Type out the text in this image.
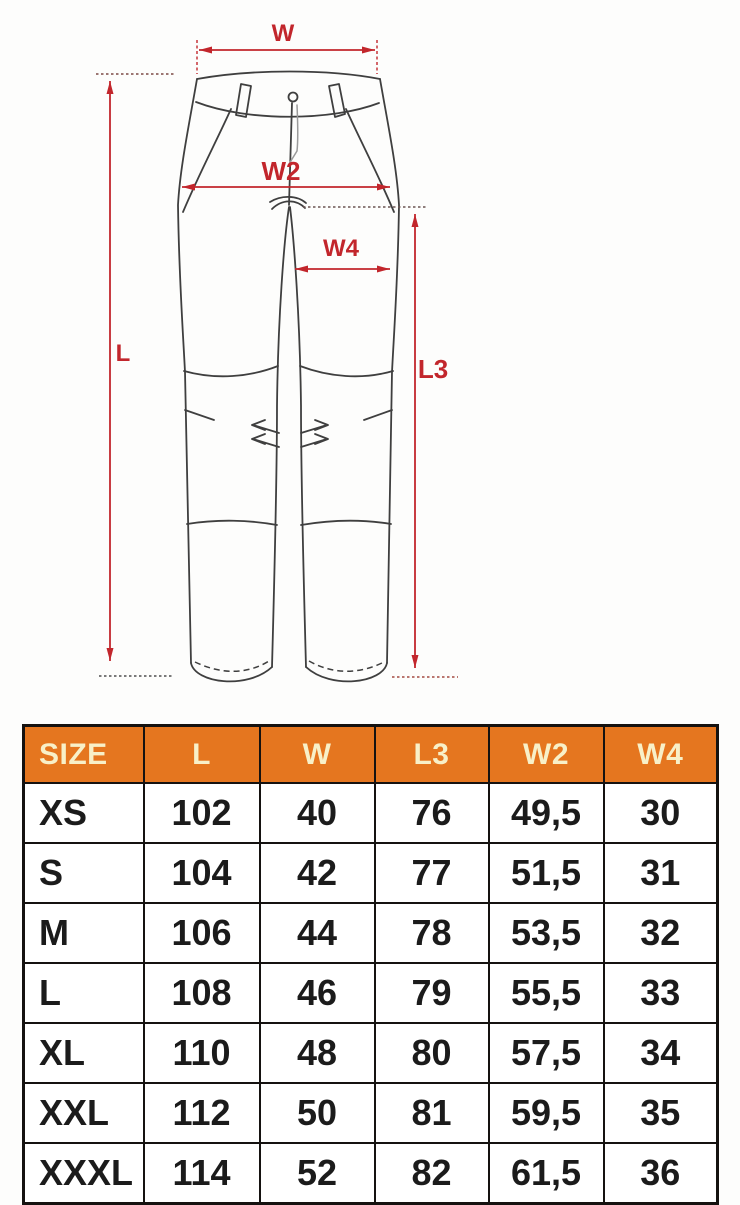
W
W2
W4
L
L3
SIZE	L	W	L3	W2	W4
XS	102	40	76	49,5	30
S	104	42	77	51,5	31
M	106	44	78	53,5	32
L	108	46	79	55,5	33
XL	110	48	80	57,5	34
XXL	112	50	81	59,5	35
XXXL	114	52	82	61,5	36
